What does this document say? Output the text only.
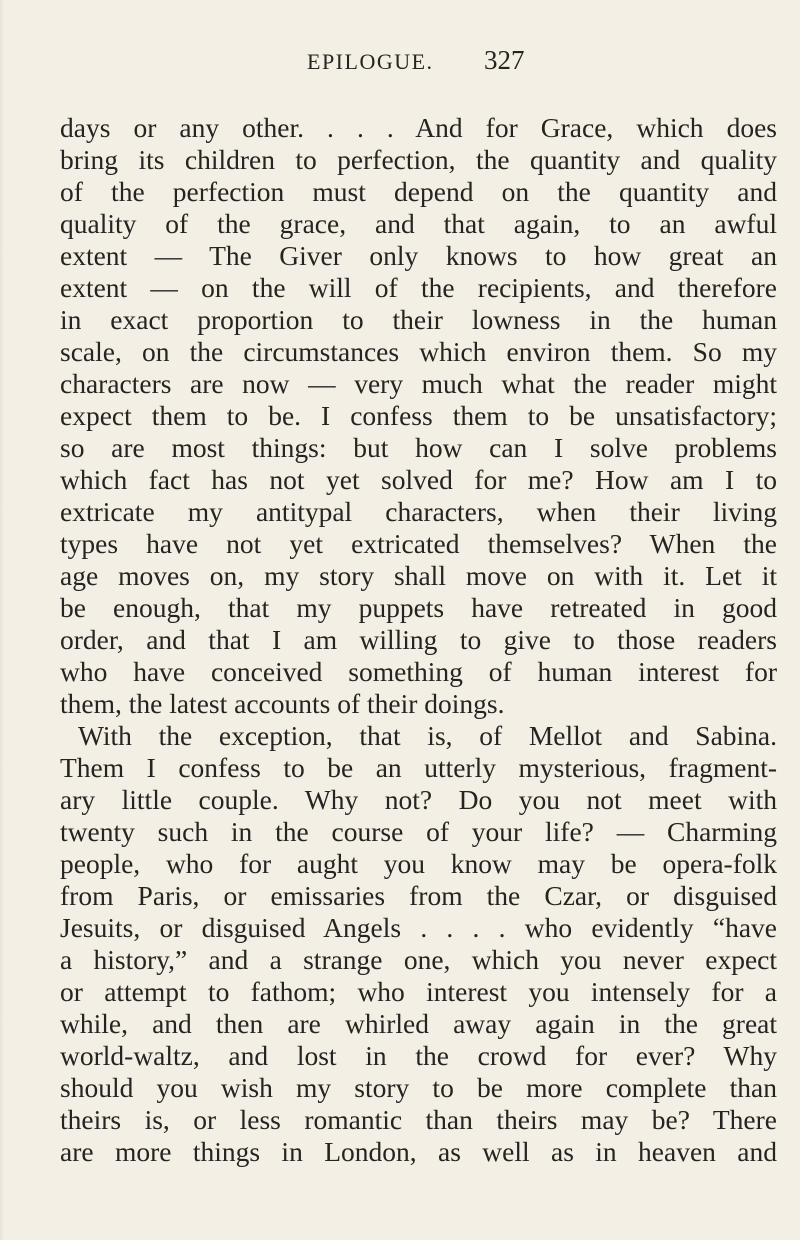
EPILOGUE. 327
days or any other. . . . And for Grace, which does
bring its children to perfection, the quantity and quality
of the perfection must depend on the quantity and
quality of the grace, and that again, to an awful
extent — The Giver only knows to how great an
extent — on the will of the recipients, and therefore
in exact proportion to their lowness in the human
scale, on the circumstances which environ them. So my
characters are now — very much what the reader might
expect them to be. I confess them to be unsatisfactory;
so are most things: but how can I solve problems
which fact has not yet solved for me? How am I to
extricate my antitypal characters, when their living
types have not yet extricated themselves? When the
age moves on, my story shall move on with it. Let it
be enough, that my puppets have retreated in good
order, and that I am willing to give to those readers
who have conceived something of human interest for
them, the latest accounts of their doings.
With the exception, that is, of Mellot and Sabina.
Them I confess to be an utterly mysterious, fragment-
ary little couple. Why not? Do you not meet with
twenty such in the course of your life? — Charming
people, who for aught you know may be opera-folk
from Paris, or emissaries from the Czar, or disguised
Jesuits, or disguised Angels . . . . who evidently “have
a history,” and a strange one, which you never expect
or attempt to fathom; who interest you intensely for a
while, and then are whirled away again in the great
world-waltz, and lost in the crowd for ever? Why
should you wish my story to be more complete than
theirs is, or less romantic than theirs may be? There
are more things in London, as well as in heaven and
